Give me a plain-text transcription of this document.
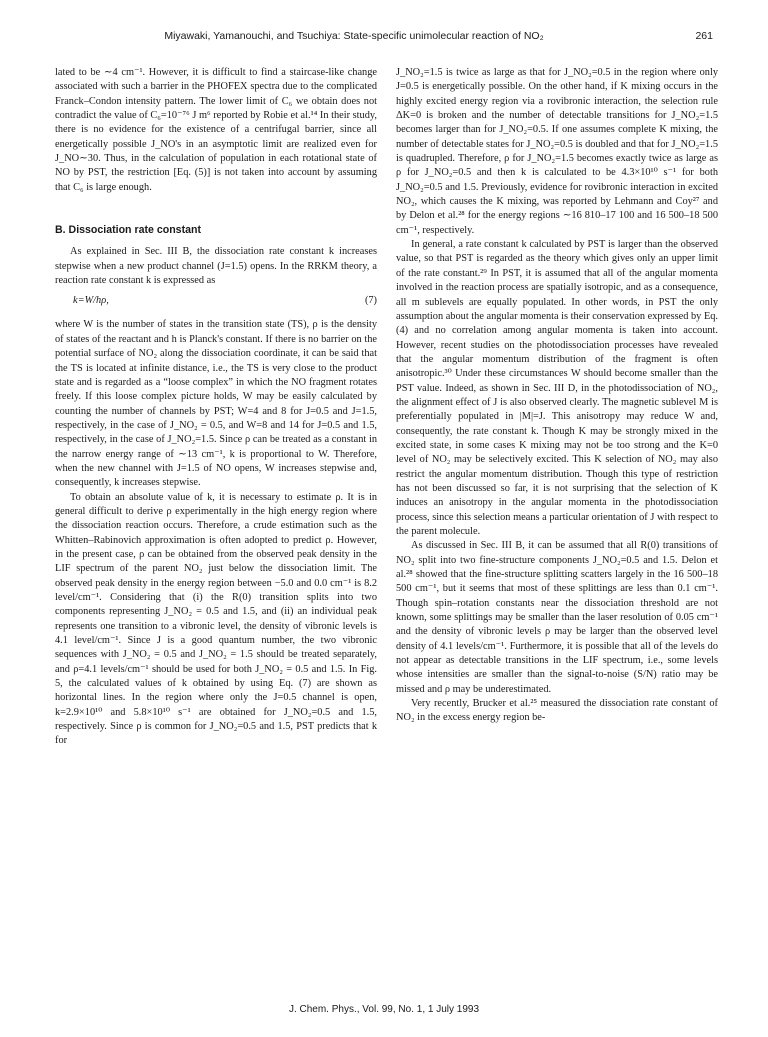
Miyawaki, Yamanouchi, and Tsuchiya: State-specific unimolecular reaction of NO₂	261

lated to be ∼4 cm⁻¹. However, it is difficult to find a staircase-like change associated with such a barrier in the PHOFEX spectra due to the complicated Franck–Condon intensity pattern. The lower limit of C₆ we obtain does not contradict the value of C₆=10⁻⁷⁶ J m⁶ reported by Robie et al.¹⁴ In their study, there is no evidence for the existence of a centrifugal barrier, since all energetically possible J_NO's in an asymptotic limit are realized even for J_NO∼30. Thus, in the calculation of population in each rotational state of NO by PST, the restriction [Eq. (5)] is not taken into account by assuming that C₆ is large enough.

B. Dissociation rate constant

As explained in Sec. III B, the dissociation rate constant k increases stepwise when a new product channel (J=1.5) opens. In the RRKM theory, a reaction rate constant k is expressed as

k=W/hρ,	(7)

where W is the number of states in the transition state (TS), ρ is the density of states of the reactant and h is Planck's constant. If there is no barrier on the potential surface of NO₂ along the dissociation coordinate, it can be said that the TS is located at infinite distance, i.e., the TS is very close to the product state and is regarded as a “loose complex” in which the NO fragment rotates freely. If this loose complex picture holds, W may be easily calculated by counting the number of channels by PST; W=4 and 8 for J=0.5 and J=1.5, respectively, in the case of J_NO₂ = 0.5, and W=8 and 14 for J=0.5 and 1.5, respectively, in the case of J_NO₂=1.5. Since ρ can be treated as a constant in the narrow energy range of ∼13 cm⁻¹, k is proportional to W. Therefore, when the new channel with J=1.5 of NO opens, W increases stepwise and, consequently, k increases stepwise.

To obtain an absolute value of k, it is necessary to estimate ρ. It is in general difficult to derive ρ experimentally in the high energy region where the dissociation reaction occurs. Therefore, a crude estimation such as the Whitten–Rabinovich approximation is often adopted to predict ρ. However, in the present case, ρ can be obtained from the observed peak density in the LIF spectrum of the parent NO₂ just below the dissociation limit. The observed peak density in the energy region between −5.0 and 0.0 cm⁻¹ is 8.2 level/cm⁻¹. Considering that (i) the R(0) transition splits into two components representing J_NO₂ = 0.5 and 1.5, and (ii) an individual peak represents one transition to a vibronic level, the density of vibronic levels is 4.1 level/cm⁻¹. Since J is a good quantum number, the two vibronic sequences with J_NO₂ = 0.5 and J_NO₂ = 1.5 should be treated separately, and ρ=4.1 levels/cm⁻¹ should be used for both J_NO₂ = 0.5 and 1.5. In Fig. 5, the calculated values of k obtained by using Eq. (7) are shown as horizontal lines. In the region where only the J=0.5 channel is open, k=2.9×10¹⁰ and 5.8×10¹⁰ s⁻¹ are obtained for J_NO₂=0.5 and 1.5, respectively. Since ρ is common for J_NO₂=0.5 and 1.5, PST predicts that k for

J_NO₂=1.5 is twice as large as that for J_NO₂=0.5 in the region where only J=0.5 is energetically possible. On the other hand, if K mixing occurs in the highly excited energy region via a rovibronic interaction, the selection rule ΔK=0 is broken and the number of detectable transitions for J_NO₂=1.5 becomes larger than for J_NO₂=0.5. If one assumes complete K mixing, the number of detectable states for J_NO₂=0.5 is doubled and that for J_NO₂=1.5 is quadrupled. Therefore, ρ for J_NO₂=1.5 becomes exactly twice as large as ρ for J_NO₂=0.5 and then k is calculated to be 4.3×10¹⁰ s⁻¹ for both J_NO₂=0.5 and 1.5. Previously, evidence for rovibronic interaction in excited NO₂, which causes the K mixing, was reported by Lehmann and Coy²⁷ and by Delon et al.²⁸ for the energy regions ∼16 810–17 100 and 16 500–18 500 cm⁻¹, respectively.

In general, a rate constant k calculated by PST is larger than the observed value, so that PST is regarded as the theory which gives only an upper limit of the rate constant.²⁹ In PST, it is assumed that all of the angular momenta involved in the reaction process are spatially isotropic, and as a consequence, all m sublevels are equally populated. In other words, in PST the only assumption about the angular momenta is their conservation expressed by Eq. (4) and no correlation among angular momenta is taken into account. However, recent studies on the photodissociation processes have revealed that the angular momentum distribution of the fragment is often anisotropic.³⁰ Under these circumstances W should become smaller than the PST value. Indeed, as shown in Sec. III D, in the photodissociation of NO₂, the alignment effect of J is also observed clearly. The magnetic sublevel M is preferentially populated in |M|=J. This anisotropy may reduce W and, consequently, the rate constant k. Though K may be strongly mixed in the excited state, in some cases K mixing may not be too strong and the K=0 level of NO₂ may be selectively excited. This K selection of NO₂ may also restrict the angular momentum distribution. Though this type of restriction has not been discussed so far, it is not surprising that the selection of K induces an anisotropy in the angular momenta in the photodissociation process, since this selection means a particular orientation of J with respect to the parent molecule.

As discussed in Sec. III B, it can be assumed that all R(0) transitions of NO₂ split into two fine-structure components J_NO₂=0.5 and 1.5. Delon et al.²⁸ showed that the fine-structure splitting scatters largely in the 16 500–18 500 cm⁻¹, but it seems that most of these splittings are less than 0.1 cm⁻¹. Though spin–rotation constants near the dissociation threshold are not known, some splittings may be smaller than the laser resolution of 0.05 cm⁻¹ and the density of vibronic levels ρ may be larger than the observed level density of 4.1 levels/cm⁻¹. Furthermore, it is possible that all of the levels do not appear as detectable transitions in the LIF spectrum, i.e., some levels whose intensities are smaller than the signal-to-noise (S/N) ratio may be missed and ρ may be underestimated.

Very recently, Brucker et al.²⁵ measured the dissociation rate constant of NO₂ in the excess energy region be-

J. Chem. Phys., Vol. 99, No. 1, 1 July 1993
